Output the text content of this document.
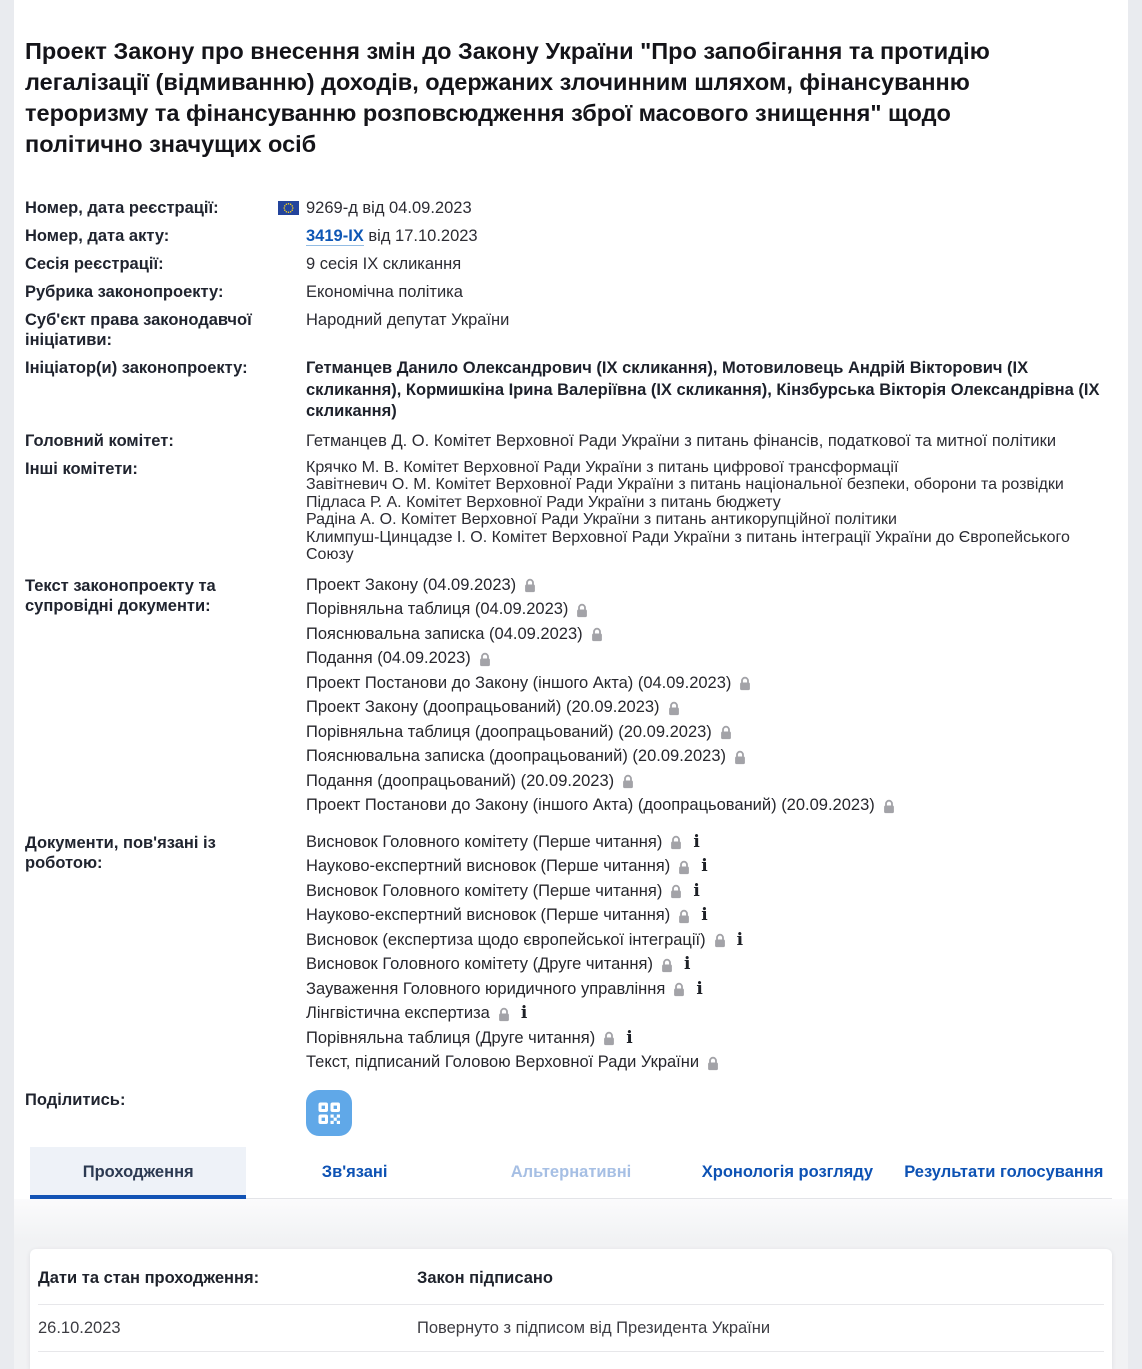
Проект Закону про внесення змін до Закону України "Про запобігання та протидію легалізації (відмиванню) доходів, одержаних злочинним шляхом, фінансуванню тероризму та фінансуванню розповсюдження зброї масового знищення" щодо політично значущих осіб
Номер, дата реєстрації:	9269-д від 04.09.2023
Номер, дата акту:	3419-IX від 17.10.2023
Сесія реєстрації:	9 сесія IX скликання
Рубрика законопроекту:	Економічна політика
Суб'єкт права законодавчої ініціативи:
Народний депутат України
Ініціатор(и) законопроекту:	Гетманцев Данило Олександрович (IX скликання), Мотовиловець Андрій Вікторович (IX скликання), Кормишкіна Ірина Валеріївна (IX скликання), Кінзбурська Вікторія Олександрівна (IX скликання)
Головний комітет:	Гетманцев Д. О. Комітет Верховної Ради України з питань фінансів, податкової та митної політики
Інші комітети:	Крячко М. В. Комітет Верховної Ради України з питань цифрової трансформації
Завітневич О. М. Комітет Верховної Ради України з питань національної безпеки, оборони та розвідки
Підласа Р. А. Комітет Верховної Ради України з питань бюджету
Радіна А. О. Комітет Верховної Ради України з питань антикорупційної політики
Климпуш-Цинцадзе І. О. Комітет Верховної Ради України з питань інтеграції України до Європейського Союзу
Текст законопроекту та супровідні документи:
Проект Закону (04.09.2023)
Порівняльна таблиця (04.09.2023)
Пояснювальна записка (04.09.2023)
Подання (04.09.2023)
Проект Постанови до Закону (іншого Акта) (04.09.2023)
Проект Закону (доопрацьований) (20.09.2023)
Порівняльна таблиця (доопрацьований) (20.09.2023)
Пояснювальна записка (доопрацьований) (20.09.2023)
Подання (доопрацьований) (20.09.2023)
Проект Постанови до Закону (іншого Акта) (доопрацьований) (20.09.2023)
Документи, пов'язані із роботою:
Висновок Головного комітету (Перше читання) i
Науково-експертний висновок (Перше читання) i
Висновок Головного комітету (Перше читання) i
Науково-експертний висновок (Перше читання) i
Висновок (експертиза щодо європейської інтеграції) i
Висновок Головного комітету (Друге читання) i
Зауваження Головного юридичного управління i
Лінгвістична експертиза i
Порівняльна таблиця (Друге читання) i
Текст, підписаний Головою Верховної Ради України
Поділитись:
Проходження	Зв'язані	Альтернативні	Хронологія розгляду	Результати голосування
Дати та стан проходження:	Закон підписано
26.10.2023	Повернуто з підписом від Президента України
